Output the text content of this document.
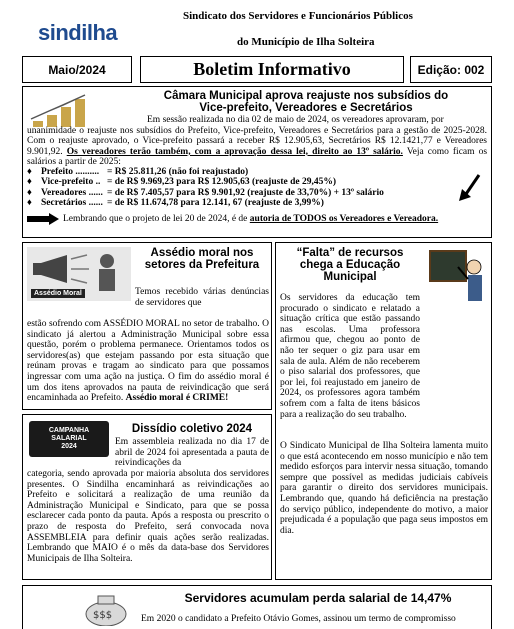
sindilha
Sindicato dos Servidores e Funcionários Públicos
do Município de Ilha Solteira
Maio/2024	Boletim Informativo	Edição: 002
Câmara Municipal aprova reajuste nos subsídios do
Vice-prefeito, Vereadores e Secretários

Em sessão realizada no dia 02 de maio de 2024, os vereadores aprovaram, por
unanimidade o reajuste nos subsídios do Prefeito, Vice-prefeito, Vereadores e Secretários para a gestão de 2025-2028. Com o reajuste aprovado, o Vice-prefeito passará a receber R$ 12.905,63, Secretários R$ 12.1421,77 e Vereadores 9.901,92. Os vereadores terão também, com a aprovação dessa lei, direito ao 13º salário. Veja como ficam os salários a partir de 2025:

♦ Prefeito .......... = R$ 25.811,26 (não foi reajustado)
♦ Vice-prefeito .. = de R$ 9.969,23 para R$ 12.905,63 (reajuste de 29,45%)
♦ Vereadores ...... = de R$ 7.405,57 para R$ 9.901,92 (reajuste de 33,70%) + 13º salário
♦ Secretários ...... = de R$ 11.674,78 para 12.141, 67 (reajuste de 3,99%)
Lembrando que o projeto de lei 20 de 2024, é de autoria de TODOS os Vereadores e Vereadora.
Assédio Moral
Assédio moral nos
setores da Prefeitura

Temos recebido várias denúncias de servidores que

estão sofrendo com ASSÉDIO MORAL no setor de trabalho. O sindicato já alertou a Administração Municipal sobre essa questão, porém o problema permanece. Orientamos todos os servidores(as) que estejam passando por esta situação que reúnam provas e tragam ao sindicato para que possamos ingressar com uma ação na justiça. O fim do assédio moral é um dos itens aprovados na pauta de reivindicação que será encaminhada ao Prefeito. Assédio moral é CRIME!

“Falta” de recursos
chega a Educação
Municipal

Os servidores da educação tem procurado o sindicato e relatado a situação crítica que estão passando nas escolas. Uma professora afirmou que, chegou ao ponto de não ter sequer o giz para usar em sala de aula. Além de não receberem o piso salarial dos professores, que por lei, foi reajustado em janeiro de 2024, os professores agora também sofrem com a falta de itens básicos para a realização do seu trabalho.

O Sindicato Municipal de Ilha Solteira lamenta muito o que está acontecendo em nosso município e não tem medido esforços para intervir nessa situação, tomando sempre que possível as medidas judiciais cabíveis para garantir o direito dos servidores municipais. Lembrando que, quando há deficiência na prestação do serviço público, independente do motivo, a maior prejudicada é a população que paga seus impostos em dia.

CAMPANHA
SALARIAL
2024
Dissídio coletivo 2024

Em assembleia realizada no dia 17 de abril de 2024 foi apresentada a pauta de reivindicações da

categoria, sendo aprovada por maioria absoluta dos servidores presentes. O Sindilha encaminhará as reivindicações ao Prefeito e solicitará a realização de uma reunião da Administração Municipal e Sindicato, para que se possa esclarecer cada ponto da pauta. Após a resposta ou prescrito o prazo de resposta do Prefeito, será convocada nova ASSEMBLEIA para definir quais ações serão realizadas. Lembrando que MAIO é o mês da data-base dos Servidores Municipais de Ilha Solteira.

$$$
Servidores acumulam perda salarial de 14,47%

Em 2020 o candidato a Prefeito Otávio Gomes, assinou um termo de compromisso
